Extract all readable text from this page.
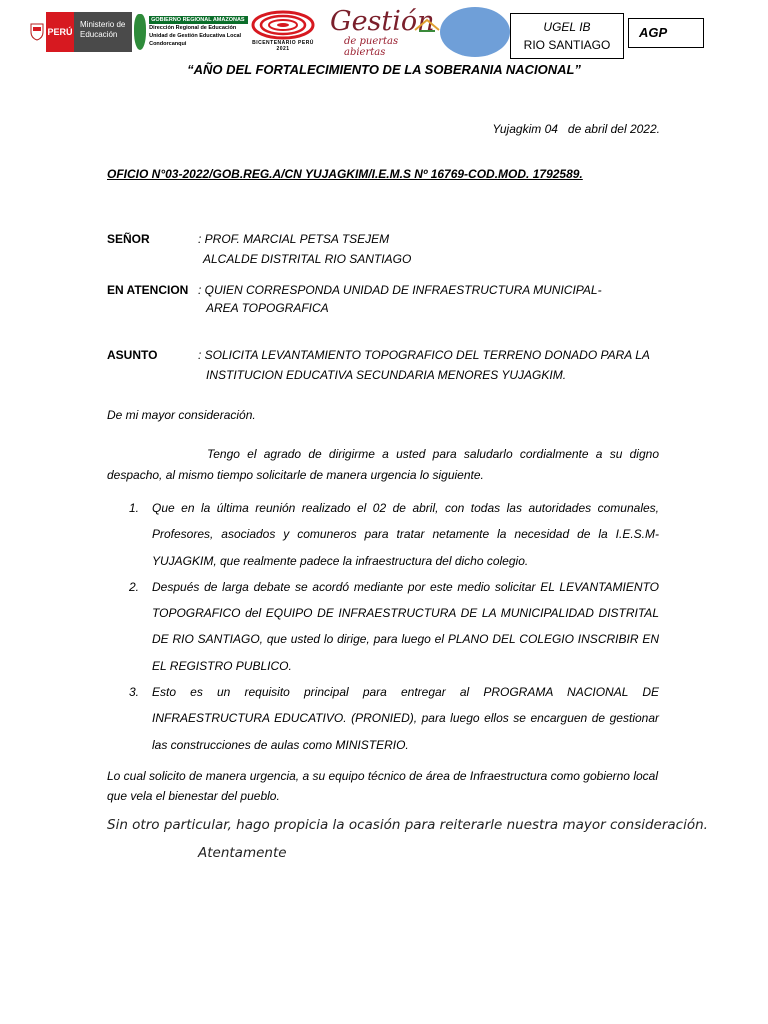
PERÚ
Ministerio de Educación
GOBIERNO REGIONAL AMAZONAS
Dirección Regional de Educación
Unidad de Gestión Educativa Local Condorcanqui	BICENTENARIO PERÚ 2021
Gestión
de puertas abiertas
UGEL IB
RIO SANTIAGO
AGP
“AÑO DEL FORTALECIMIENTO DE LA SOBERANIA NACIONAL”
Yujagkim 04   de abril del 2022.
OFICIO N°03-2022/GOB.REG.A/CN YUJAGKIM/I.E.M.S Nº 16769-COD.MOD. 1792589.
SEÑOR	: PROF. MARCIAL PETSA TSEJEM
ALCALDE DISTRITAL RIO SANTIAGO
EN ATENCION : QUIEN CORRESPONDA UNIDAD DE INFRAESTRUCTURA MUNICIPAL-
AREA TOPOGRAFICA
ASUNTO	: SOLICITA LEVANTAMIENTO TOPOGRAFICO DEL TERRENO DONADO PARA LA
INSTITUCION EDUCATIVA SECUNDARIA MENORES YUJAGKIM.
De mi mayor consideración.
Tengo el agrado de dirigirme a usted para saludarlo cordialmente a su digno despacho, al mismo tiempo solicitarle de manera urgencia lo siguiente.
1. Que en la última reunión realizado el 02 de abril, con todas las autoridades comunales, Profesores, asociados y comuneros para tratar netamente la necesidad de la I.E.S.M-YUJAGKIM, que realmente padece la infraestructura del dicho colegio.
2. Después de larga debate se acordó mediante por este medio solicitar EL LEVANTAMIENTO TOPOGRAFICO del EQUIPO DE INFRAESTRUCTURA DE LA MUNICIPALIDAD DISTRITAL DE RIO SANTIAGO, que usted lo dirige, para luego el PLANO DEL COLEGIO INSCRIBIR EN EL REGISTRO PUBLICO.
3. Esto es un requisito principal para entregar al PROGRAMA NACIONAL DE INFRAESTRUCTURA EDUCATIVO. (PRONIED), para luego ellos se encarguen de gestionar las construcciones de aulas como MINISTERIO.
Lo cual solicito de manera urgencia, a su equipo técnico de área de Infraestructura como gobierno local que vela el bienestar del pueblo.
Sin otro particular, hago propicia la ocasión para reiterarle nuestra mayor consideración.
Atentamente
